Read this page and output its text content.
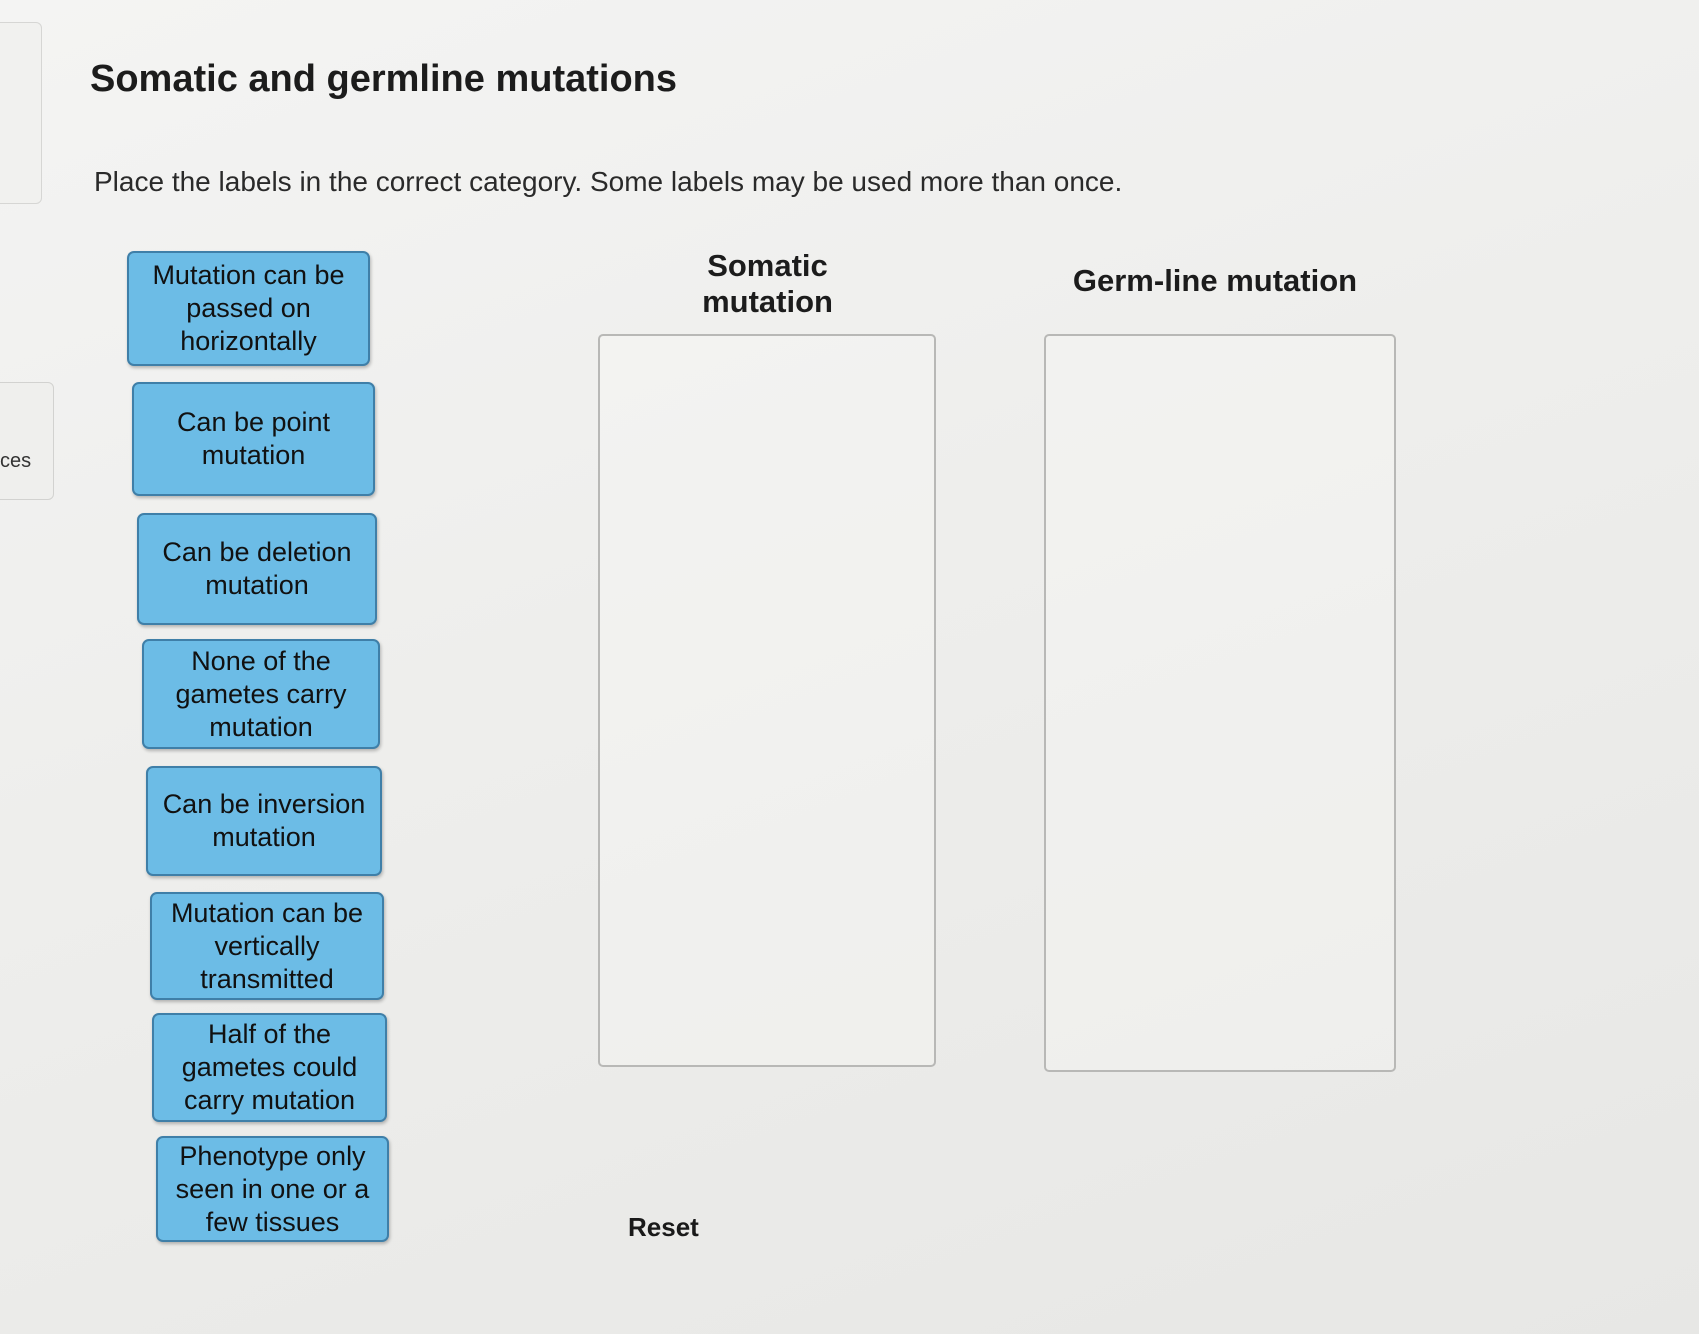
ces
Somatic and germline mutations

Place the labels in the correct category. Some labels may be used more than once.

Mutation can be passed on horizontally
Can be point mutation
Can be deletion mutation
None of the gametes carry mutation
Can be inversion mutation
Mutation can be vertically transmitted
Half of the gametes could carry mutation
Phenotype only seen in one or a few tissues
Somatic mutation
Germ-line mutation
Reset
